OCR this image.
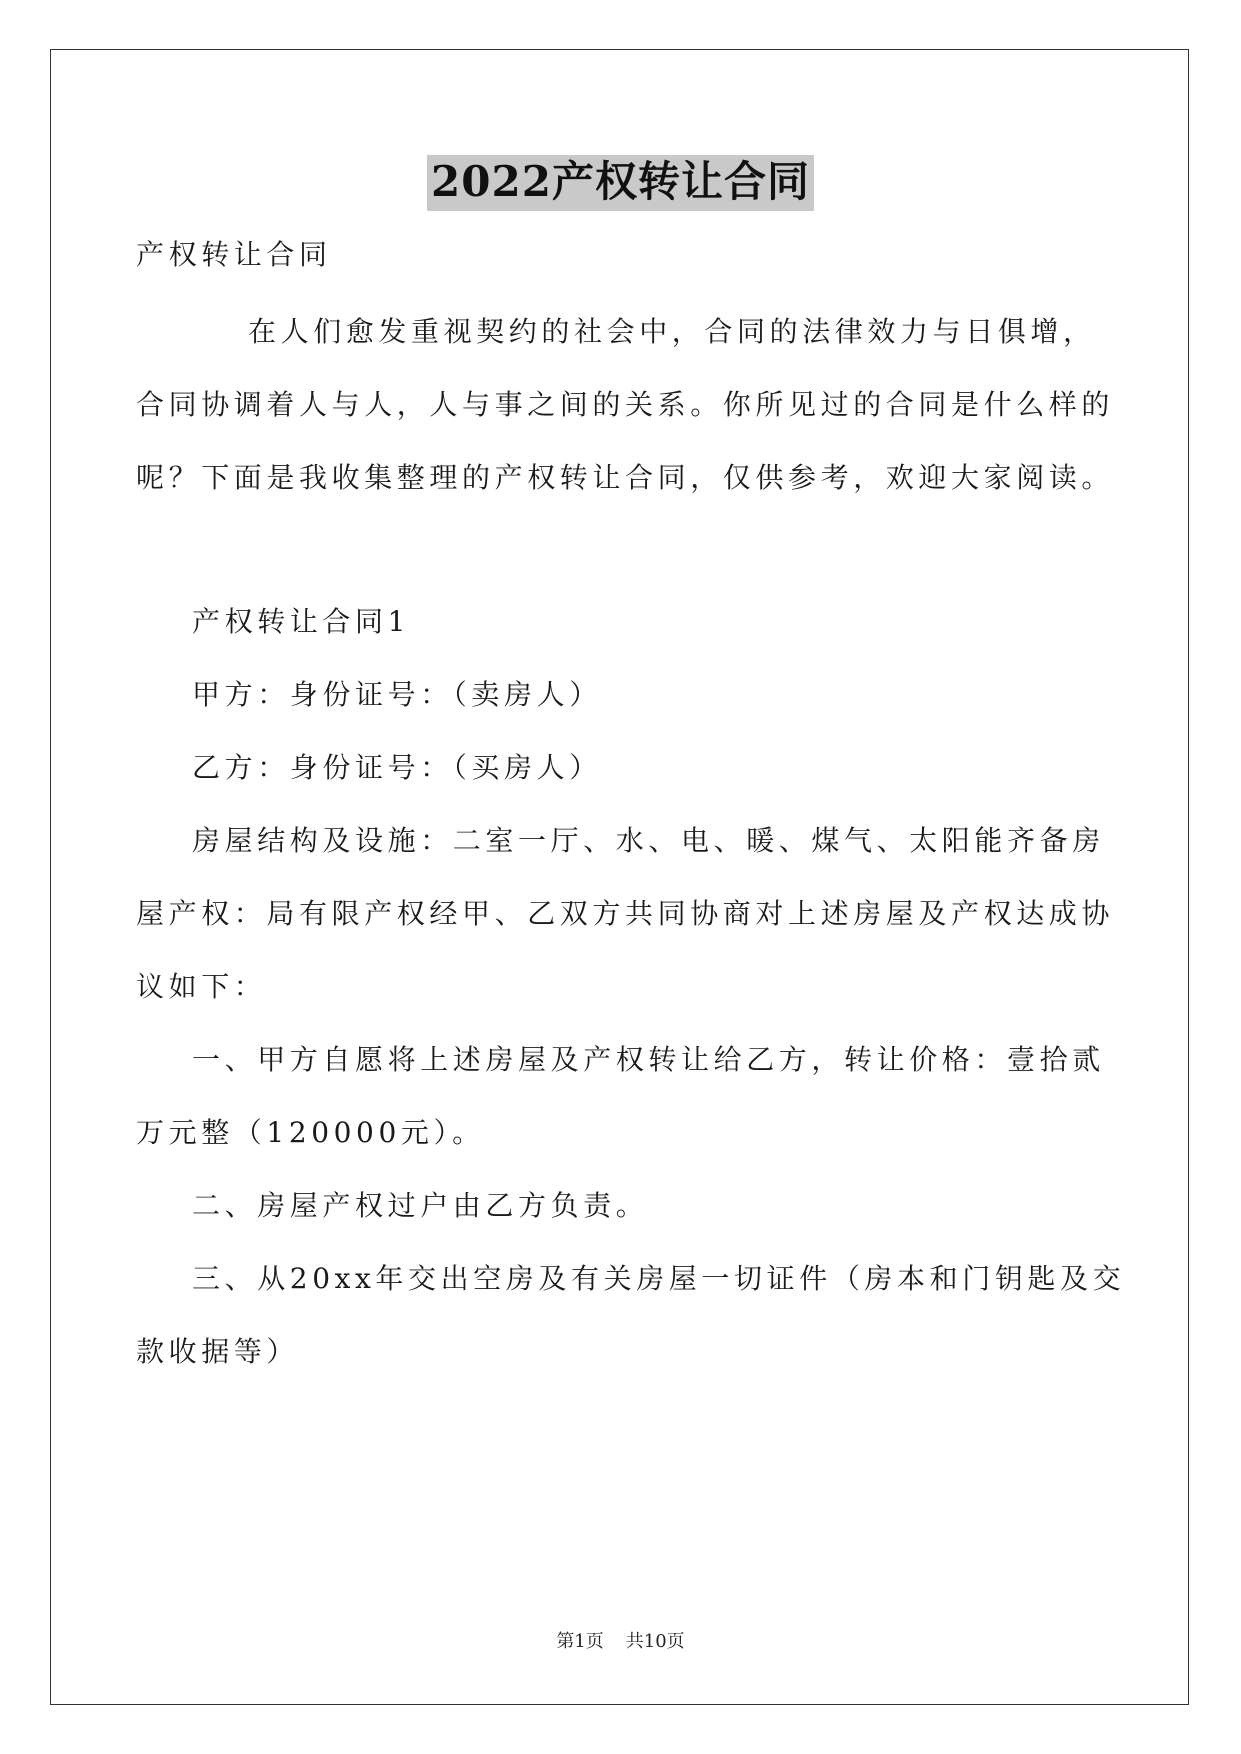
2022产权转让合同
产权转让合同
在人们愈发重视契约的社会中，合同的法律效力与日俱增，
合同协调着人与人，人与事之间的关系。你所见过的合同是什么样的
呢？下面是我收集整理的产权转让合同，仅供参考，欢迎大家阅读。
产权转让合同1
甲方：身份证号：（卖房人）
乙方：身份证号：（买房人）
房屋结构及设施：二室一厅、水、电、暖、煤气、太阳能齐备房
屋产权：局有限产权经甲、乙双方共同协商对上述房屋及产权达成协
议如下：
一、甲方自愿将上述房屋及产权转让给乙方，转让价格：壹拾贰
万元整（120000元）。
二、房屋产权过户由乙方负责。
三、从20xx年交出空房及有关房屋一切证件（房本和门钥匙及交
款收据等）
第1页 共10页
